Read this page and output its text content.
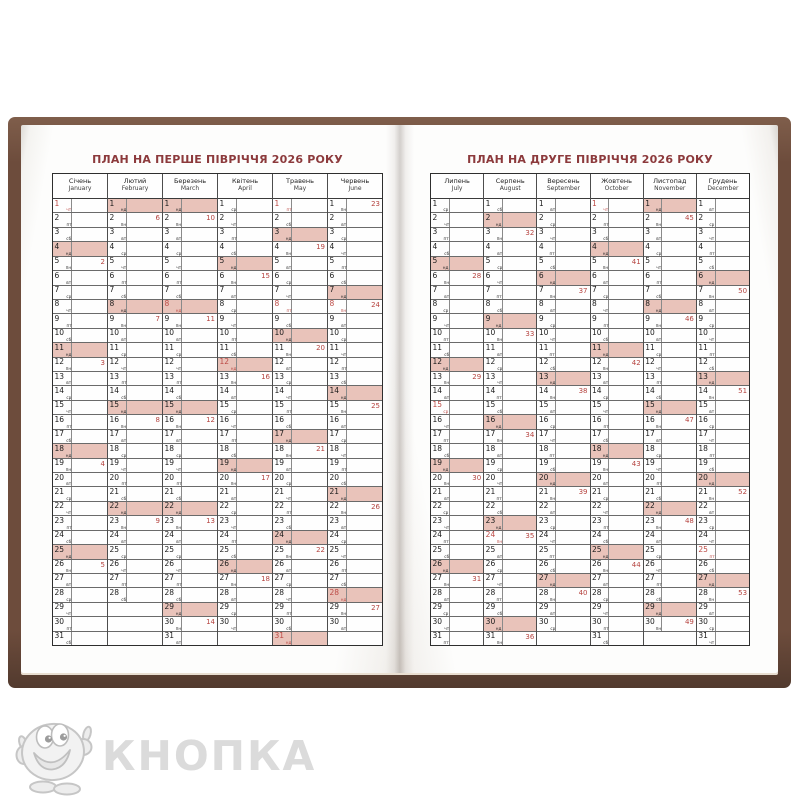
ПЛАН НА ПЕРШЕ ПІВРІЧЧЯ 2026 РОКУ
Січень
January
1
чт
2
пт
3
сб
4
нд
5
пн
2
6
вт
7
ср
8
чт
9
пт
10
сб
11
нд
12
пн
3
13
вт
14
ср
15
чт
16
пт
17
сб
18
нд
19
пн
4
20
вт
21
ср
22
чт
23
пт
24
сб
25
нд
26
пн
5
27
вт
28
ср
29
чт
30
пт
31
сб
Лютий
February
1
нд
2
пн
6
3
вт
4
ср
5
чт
6
пт
7
сб
8
нд
9
пн
7
10
вт
11
ср
12
чт
13
пт
14
сб
15
нд
16
пн
8
17
вт
18
ср
19
чт
20
пт
21
сб
22
нд
23
пн
9
24
вт
25
ср
26
чт
27
пт
28
сб
Березень
March
1
нд
2
пн
10
3
вт
4
ср
5
чт
6
пт
7
сб
8
нд
9
пн
11
10
вт
11
ср
12
чт
13
пт
14
сб
15
нд
16
пн
12
17
вт
18
ср
19
чт
20
пт
21
сб
22
нд
23
пн
13
24
вт
25
ср
26
чт
27
пт
28
сб
29
нд
30
пн
14
31
вт
Квітень
April
1
ср
2
чт
3
пт
4
сб
5
нд
6
пн
15
7
вт
8
ср
9
чт
10
пт
11
сб
12
нд
13
пн
16
14
вт
15
ср
16
чт
17
пт
18
сб
19
нд
20
пн
17
21
вт
22
ср
23
чт
24
пт
25
сб
26
нд
27
пн
18
28
вт
29
ср
30
чт
Травень
May
1
пт
2
сб
3
нд
4
пн
19
5
вт
6
ср
7
чт
8
пт
9
сб
10
нд
11
пн
20
12
вт
13
ср
14
чт
15
пт
16
сб
17
нд
18
пн
21
19
вт
20
ср
21
чт
22
пт
23
сб
24
нд
25
пн
22
26
вт
27
ср
28
чт
29
пт
30
сб
31
нд
Червень
June
1
пн
23
2
вт
3
ср
4
чт
5
пт
6
сб
7
нд
8
пн
24
9
вт
10
ср
11
чт
12
пт
13
сб
14
нд
15
пн
25
16
вт
17
ср
18
чт
19
пт
20
сб
21
нд
22
пн
26
23
вт
24
ср
25
чт
26
пт
27
сб
28
нд
29
пн
27
30
вт
ПЛАН НА ДРУГЕ ПІВРІЧЧЯ 2026 РОКУ
Липень
July
1
ср
2
чт
3
пт
4
сб
5
нд
6
пн
28
7
вт
8
ср
9
чт
10
пт
11
сб
12
нд
13
пн
29
14
вт
15
ср
16
чт
17
пт
18
сб
19
нд
20
пн
30
21
вт
22
ср
23
чт
24
пт
25
сб
26
нд
27
пн
31
28
вт
29
ср
30
чт
31
пт
Серпень
August
1
сб
2
нд
3
пн
32
4
вт
5
ср
6
чт
7
пт
8
сб
9
нд
10
пн
33
11
вт
12
ср
13
чт
14
пт
15
сб
16
нд
17
пн
34
18
вт
19
ср
20
чт
21
пт
22
сб
23
нд
24
пн
35
25
вт
26
ср
27
чт
28
пт
29
сб
30
нд
31
пн
36
Вересень
September
1
вт
2
ср
3
чт
4
пт
5
сб
6
нд
7
пн
37
8
вт
9
ср
10
чт
11
пт
12
сб
13
нд
14
пн
38
15
вт
16
ср
17
чт
18
пт
19
сб
20
нд
21
пн
39
22
вт
23
ср
24
чт
25
пт
26
сб
27
нд
28
пн
40
29
вт
30
ср
Жовтень
October
1
чт
2
пт
3
сб
4
нд
5
пн
41
6
вт
7
ср
8
чт
9
пт
10
сб
11
нд
12
пн
42
13
вт
14
ср
15
чт
16
пт
17
сб
18
нд
19
пн
43
20
вт
21
ср
22
чт
23
пт
24
сб
25
нд
26
пн
44
27
вт
28
ср
29
чт
30
пт
31
сб
Листопад
November
1
нд
2
пн
45
3
вт
4
ср
5
чт
6
пт
7
сб
8
нд
9
пн
46
10
вт
11
ср
12
чт
13
пт
14
сб
15
нд
16
пн
47
17
вт
18
ср
19
чт
20
пт
21
сб
22
нд
23
пн
48
24
вт
25
ср
26
чт
27
пт
28
сб
29
нд
30
пн
49
Грудень
December
1
вт
2
ср
3
чт
4
пт
5
сб
6
нд
7
пн
50
8
вт
9
ср
10
чт
11
пт
12
сб
13
нд
14
пн
51
15
вт
16
ср
17
чт
18
пт
19
сб
20
нд
21
пн
52
22
вт
23
ср
24
чт
25
пт
26
сб
27
нд
28
пн
53
29
вт
30
ср
31
чт
КНОПКА
